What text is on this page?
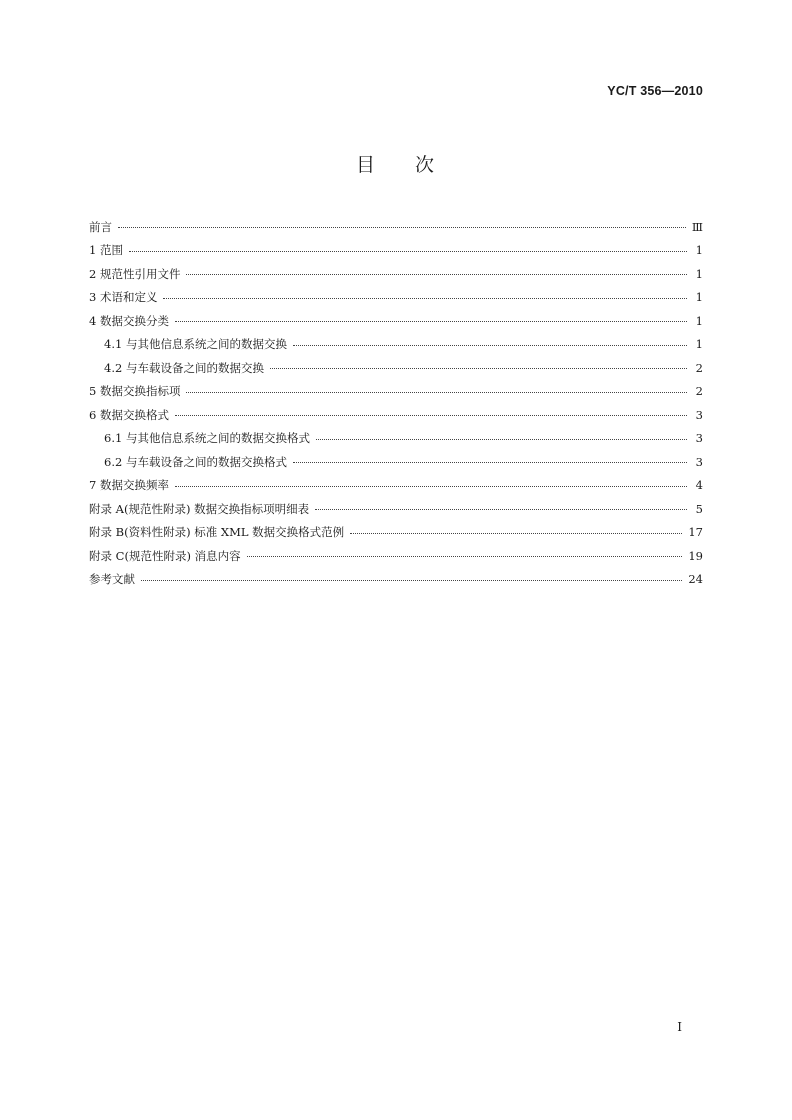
YC/T 356—2010
目 次
前言	Ⅲ
1 范围	1
2 规范性引用文件	1
3 术语和定义	1
4 数据交换分类	1
4.1 与其他信息系统之间的数据交换	1
4.2 与车载设备之间的数据交换	2
5 数据交换指标项	2
6 数据交换格式	3
6.1 与其他信息系统之间的数据交换格式	3
6.2 与车载设备之间的数据交换格式	3
7 数据交换频率	4
附录 A(规范性附录) 数据交换指标项明细表	5
附录 B(资料性附录) 标准 XML 数据交换格式范例	17
附录 C(规范性附录) 消息内容	19
参考文献	24
I
